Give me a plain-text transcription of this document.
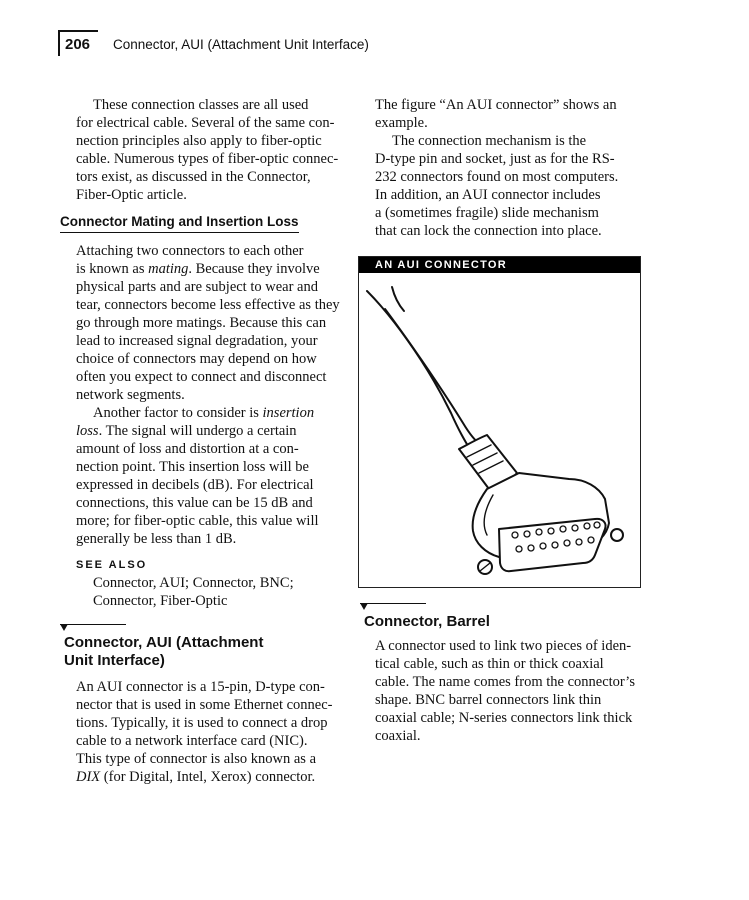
206 Connector, AUI (Attachment Unit Interface)

These connection classes are all used
for electrical cable. Several of the same con-
nection principles also apply to fiber-optic
cable. Numerous types of fiber-optic connec-
tors exist, as discussed in the Connector,
Fiber-Optic article.

Connector Mating and Insertion Loss

Attaching two connectors to each other
is known as mating. Because they involve
physical parts and are subject to wear and
tear, connectors become less effective as they
go through more matings. Because this can
lead to increased signal degradation, your
choice of connectors may depend on how
often you expect to connect and disconnect
network segments.

Another factor to consider is insertion
loss. The signal will undergo a certain
amount of loss and distortion at a con-
nection point. This insertion loss will be
expressed in decibels (dB). For electrical
connections, this value can be 15 dB and
more; for fiber-optic cable, this value will
generally be less than 1 dB.

SEE ALSO

Connector, AUI; Connector, BNC;
Connector, Fiber-Optic

Connector, AUI (Attachment
Unit Interface)

An AUI connector is a 15-pin, D-type con-
nector that is used in some Ethernet connec-
tions. Typically, it is used to connect a drop
cable to a network interface card (NIC).
This type of connector is also known as a
DIX (for Digital, Intel, Xerox) connector.

The figure “An AUI connector” shows an
example.

The connection mechanism is the
D-type pin and socket, just as for the RS-
232 connectors found on most computers.
In addition, an AUI connector includes
a (sometimes fragile) slide mechanism
that can lock the connection into place.

AN AUI CONNECTOR
Connector, Barrel

A connector used to link two pieces of iden-
tical cable, such as thin or thick coaxial
cable. The name comes from the connector’s
shape. BNC barrel connectors link thin
coaxial cable; N-series connectors link thick
coaxial.
